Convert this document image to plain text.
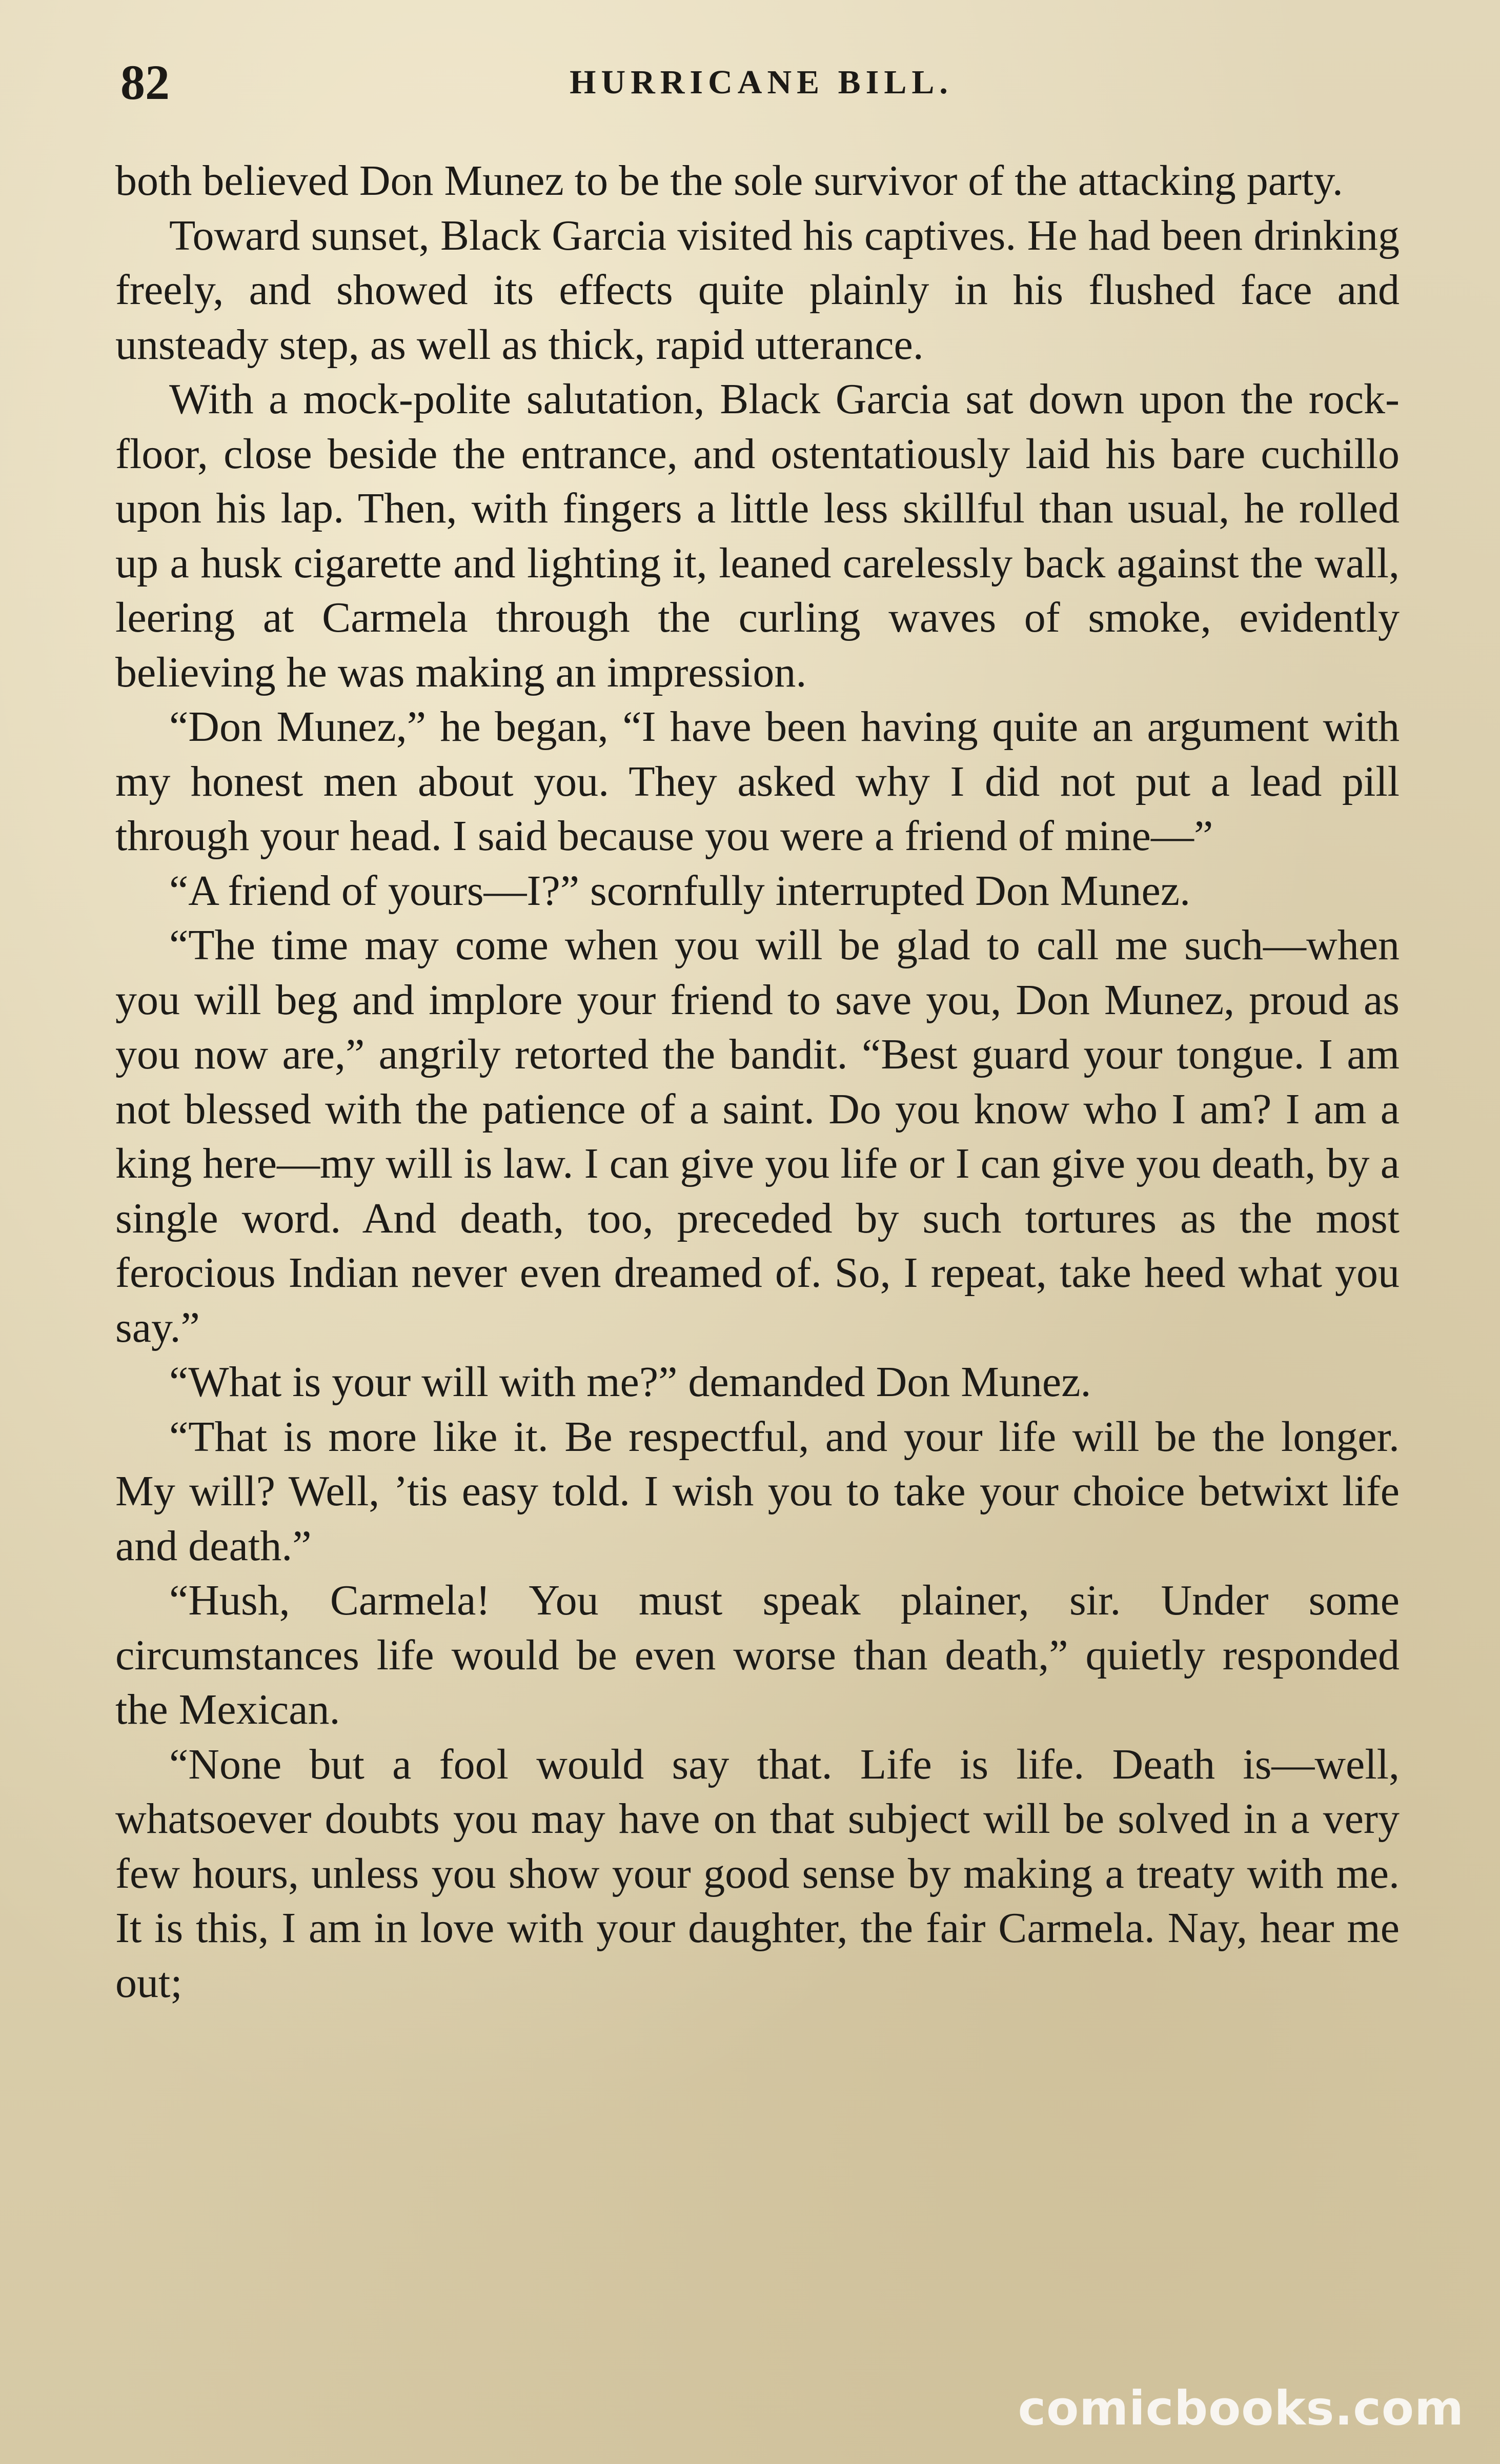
82	HURRICANE BILL.

both believed Don Munez to be the sole survivor of the attacking party.

Toward sunset, Black Garcia visited his captives. He had been drinking freely, and showed its effects quite plainly in his flushed face and unsteady step, as well as thick, rapid utterance.

With a mock-polite salutation, Black Garcia sat down upon the rock-floor, close beside the entrance, and ostentatiously laid his bare cuchillo upon his lap. Then, with fingers a little less skillful than usual, he rolled up a husk cigarette and lighting it, leaned carelessly back against the wall, leering at Carmela through the curling waves of smoke, evidently believing he was making an impression.

“Don Munez,” he began, “I have been having quite an argument with my honest men about you. They asked why I did not put a lead pill through your head. I said because you were a friend of mine—”

“A friend of yours—I?” scornfully interrupted Don Munez.

“The time may come when you will be glad to call me such—when you will beg and implore your friend to save you, Don Munez, proud as you now are,” angrily retorted the bandit. “Best guard your tongue. I am not blessed with the patience of a saint. Do you know who I am? I am a king here—my will is law. I can give you life or I can give you death, by a single word. And death, too, preceded by such tortures as the most ferocious Indian never even dreamed of. So, I repeat, take heed what you say.”

“What is your will with me?” demanded Don Munez.

“That is more like it. Be respectful, and your life will be the longer. My will? Well, ’tis easy told. I wish you to take your choice betwixt life and death.”

“Hush, Carmela! You must speak plainer, sir. Under some circumstances life would be even worse than death,” quietly responded the Mexican.

“None but a fool would say that. Life is life. Death is—well, whatsoever doubts you may have on that subject will be solved in a very few hours, unless you show your good sense by making a treaty with me. It is this, I am in love with your daughter, the fair Carmela. Nay, hear me out;

comicbooks.com
